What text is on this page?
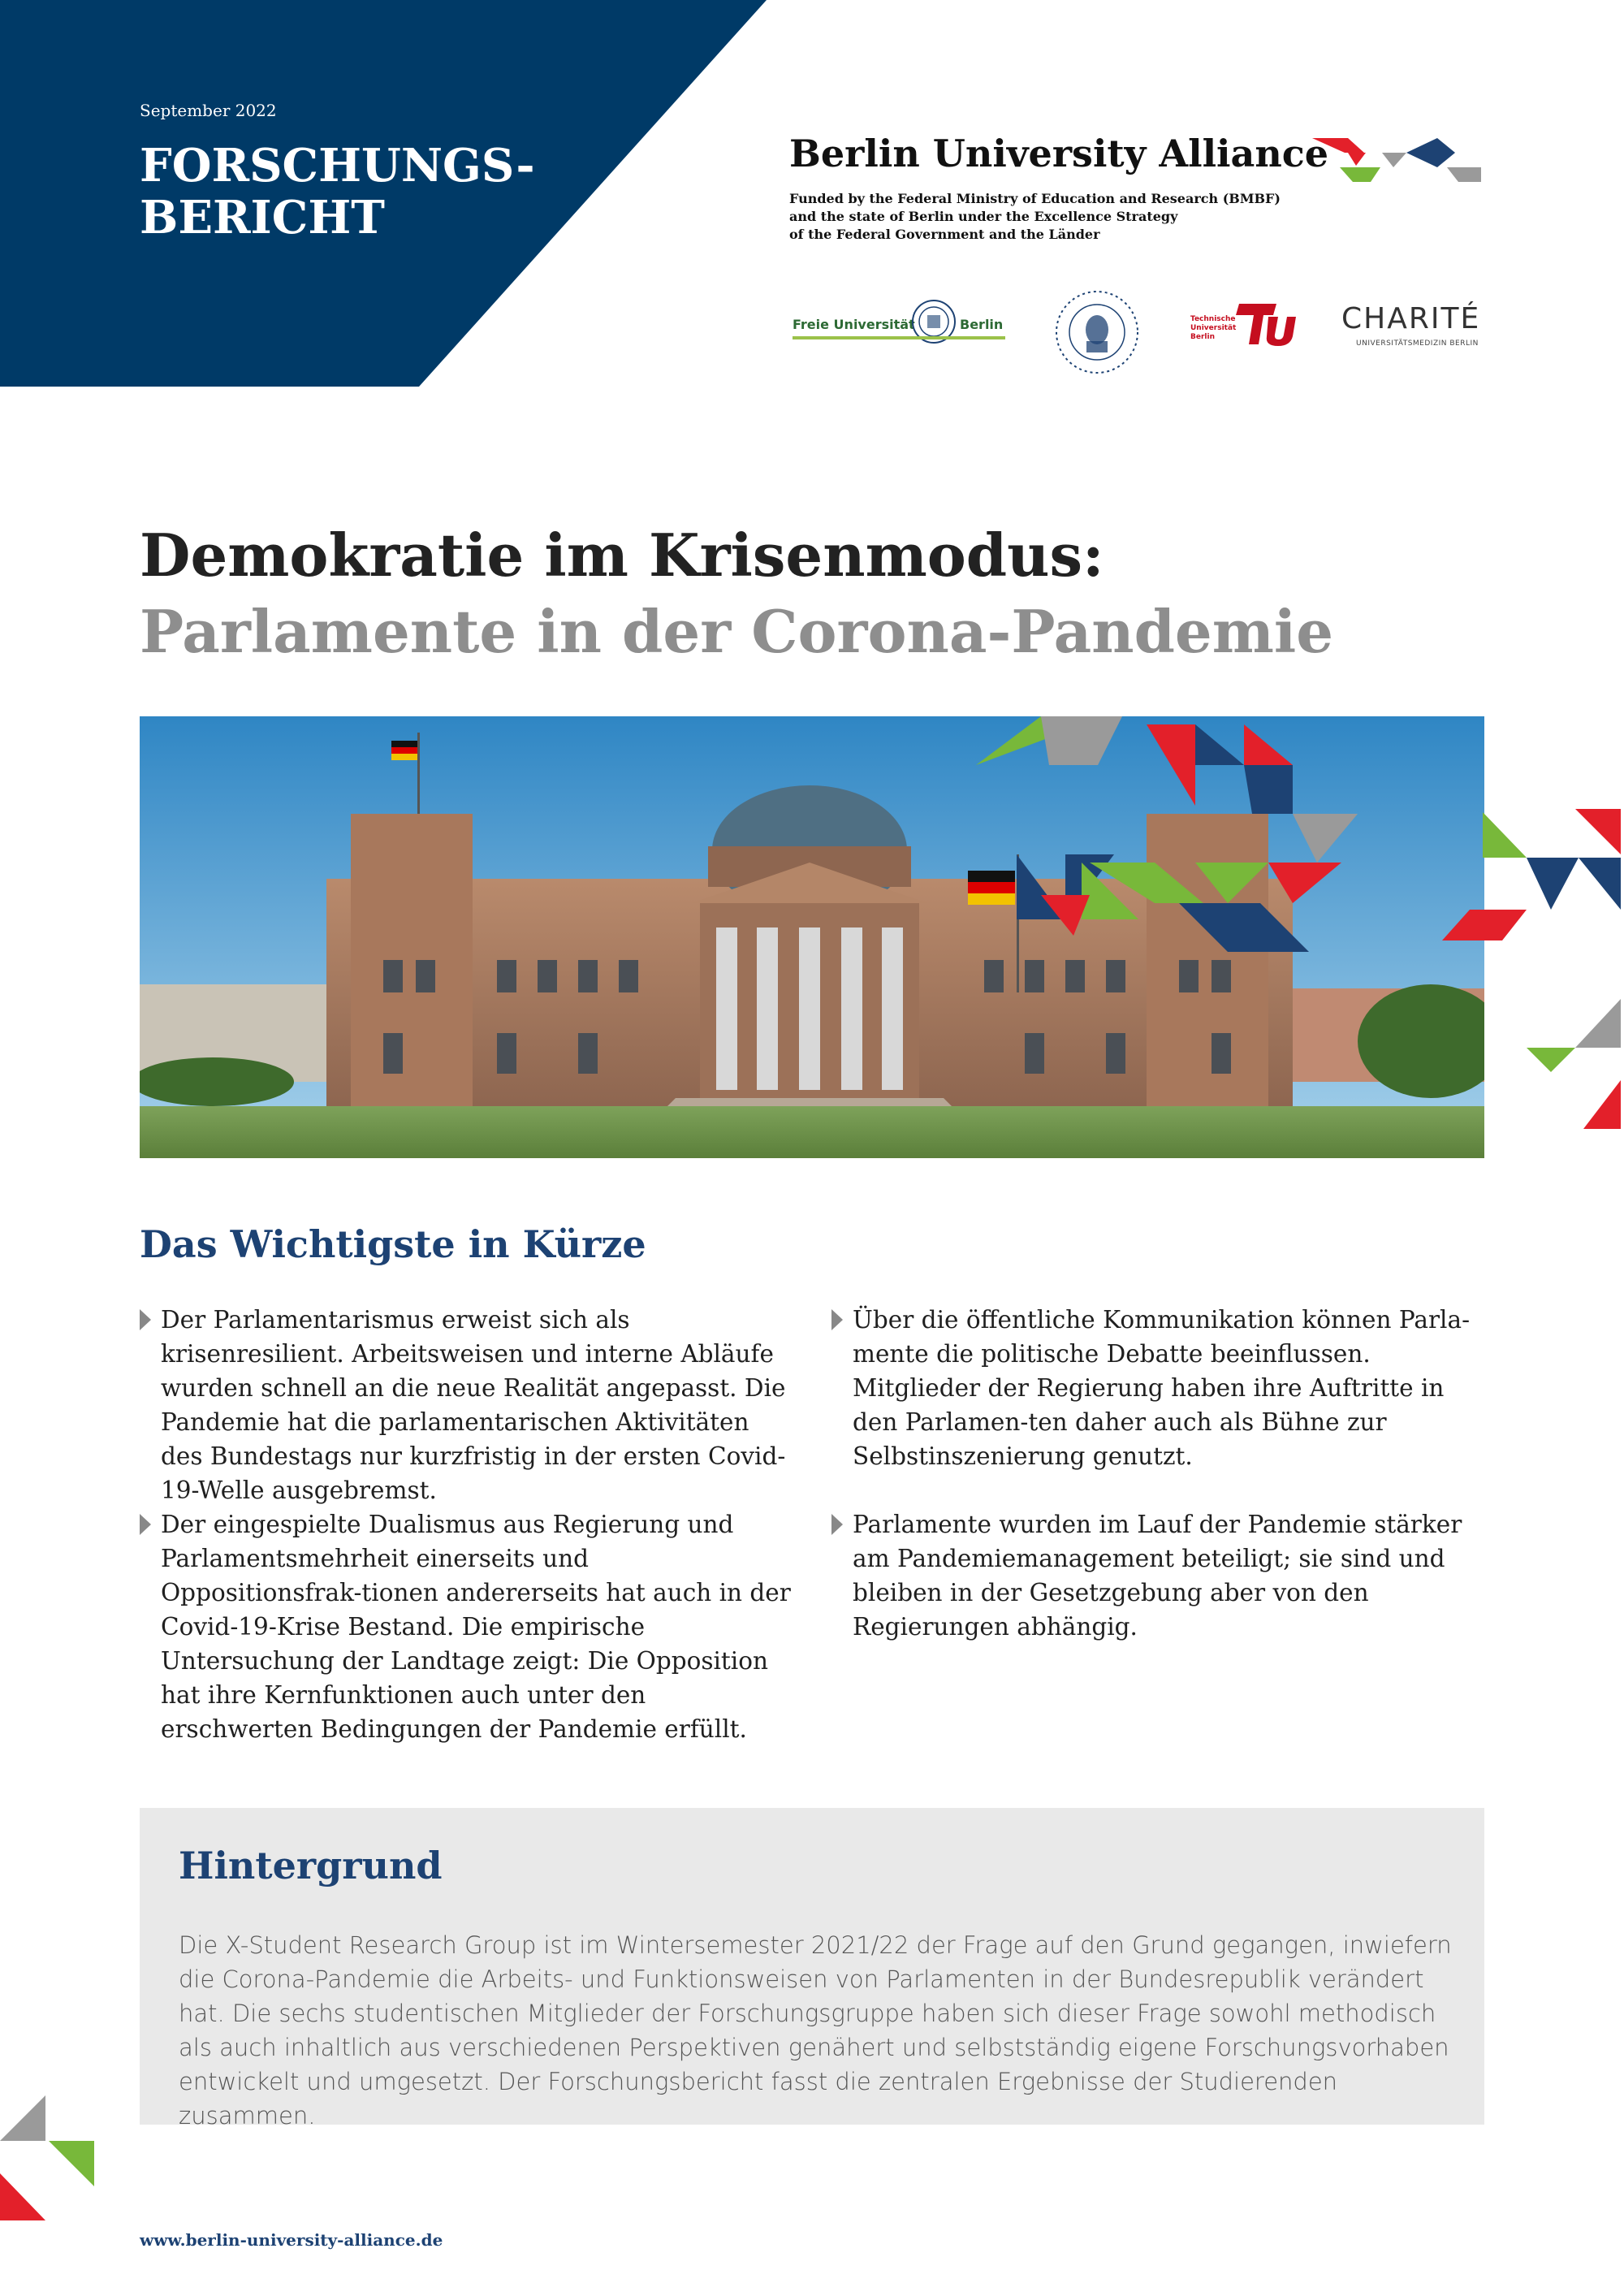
September 2022
FORSCHUNGS-
BERICHT
Berlin University Alliance
Funded by the Federal Ministry of Education and Research (BMBF)
and the state of Berlin under the Excellence Strategy
of the Federal Government and the Länder
Freie Universität	Berlin	Technische Universität Berlin
CHARITÉ
UNIVERSITÄTSMEDIZIN BERLIN
Demokratie im Krisenmodus:
Parlamente in der Corona-Pandemie
Das Wichtigste in Kürze
Der Parlamentarismus erweist sich als krisenresilient. Arbeitsweisen und interne Abläufe wurden schnell an die neue Realität angepasst. Die Pandemie hat die parlamentarischen Aktivitäten des Bundestags nur kurzfristig in der ersten Covid-19-Welle ausgebremst.
Der eingespielte Dualismus aus Regierung und Parlamentsmehrheit einerseits und Oppositionsfrak-tionen andererseits hat auch in der Covid-19-Krise Bestand. Die empirische Untersuchung der Landtage zeigt: Die Opposition hat ihre Kernfunktionen auch unter den erschwerten Bedingungen der Pandemie erfüllt.
Über die öffentliche Kommunikation können Parla-mente die politische Debatte beeinflussen. Mitglieder der Regierung haben ihre Auftritte in den Parlamen-ten daher auch als Bühne zur Selbstinszenierung genutzt.
Parlamente wurden im Lauf der Pandemie stärker am Pandemiemanagement beteiligt; sie sind und bleiben in der Gesetzgebung aber von den Regierungen abhängig.
Hintergrund
Die X-Student Research Group ist im Wintersemester 2021/22 der Frage auf den Grund gegangen, inwiefern die Corona-Pandemie die Arbeits- und Funktionsweisen von Parlamenten in der Bundesrepublik verändert hat. Die sechs studentischen Mitglieder der Forschungsgruppe haben sich dieser Frage sowohl methodisch als auch inhaltlich aus verschiedenen Perspektiven genähert und selbstständig eigene Forschungsvorhaben entwickelt und umgesetzt. Der Forschungsbericht fasst die zentralen Ergebnisse der Studierenden zusammen.
www.berlin-university-alliance.de
